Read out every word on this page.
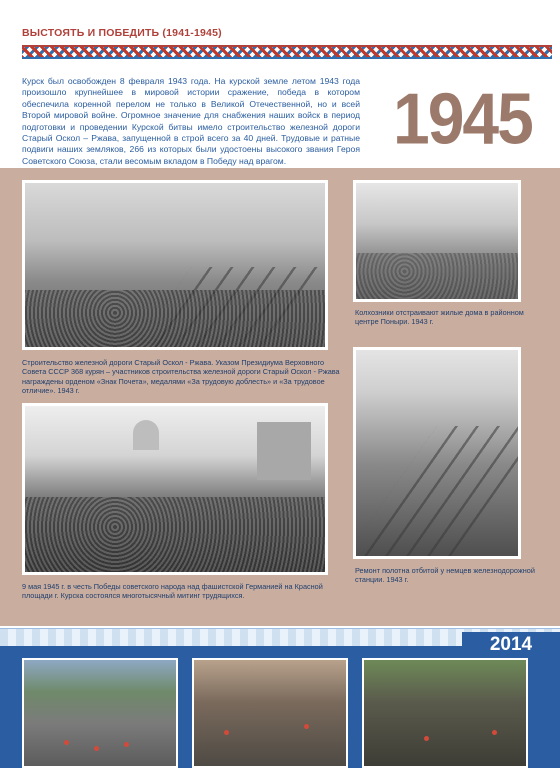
ВЫСТОЯТЬ И ПОБЕДИТЬ (1941-1945)

Курск был освобожден 8 февраля 1943 года. На курской земле летом 1943 года произошло крупнейшее в мировой истории сражение, победа в котором обеспечила коренной перелом не только в Великой Отечественной, но и всей Второй мировой войне. Огромное значение для снабжения наших войск в период подготовки и проведении Курской битвы имело строительство железной дороги Старый Оскол – Ржава, запущенной в строй всего за 40 дней. Трудовые и ратные подвиги наших земляков, 266 из которых были удостоены высокого звания Героя Советского Союза, стали весомым вкладом в Победу над врагом.

1945

Колхозники отстраивают жилые дома в районном центре Поныри. 1943 г.

Строительство железной дороги Старый Оскол - Ржава. Указом Президиума Верховного Совета СССР 368 курян – участников строительства железной дороги Старый Оскол - Ржава награждены орденом «Знак Почета», медалями «За трудовую доблесть» и «За трудовое отличие». 1943 г.

Ремонт полотна отбитой у немцев железнодорожной станции. 1943 г.

9 мая 1945 г. в честь Победы советского народа над фашистской Германией на Красной площади г. Курска состоялся многотысячный митинг трудящихся.

2014
